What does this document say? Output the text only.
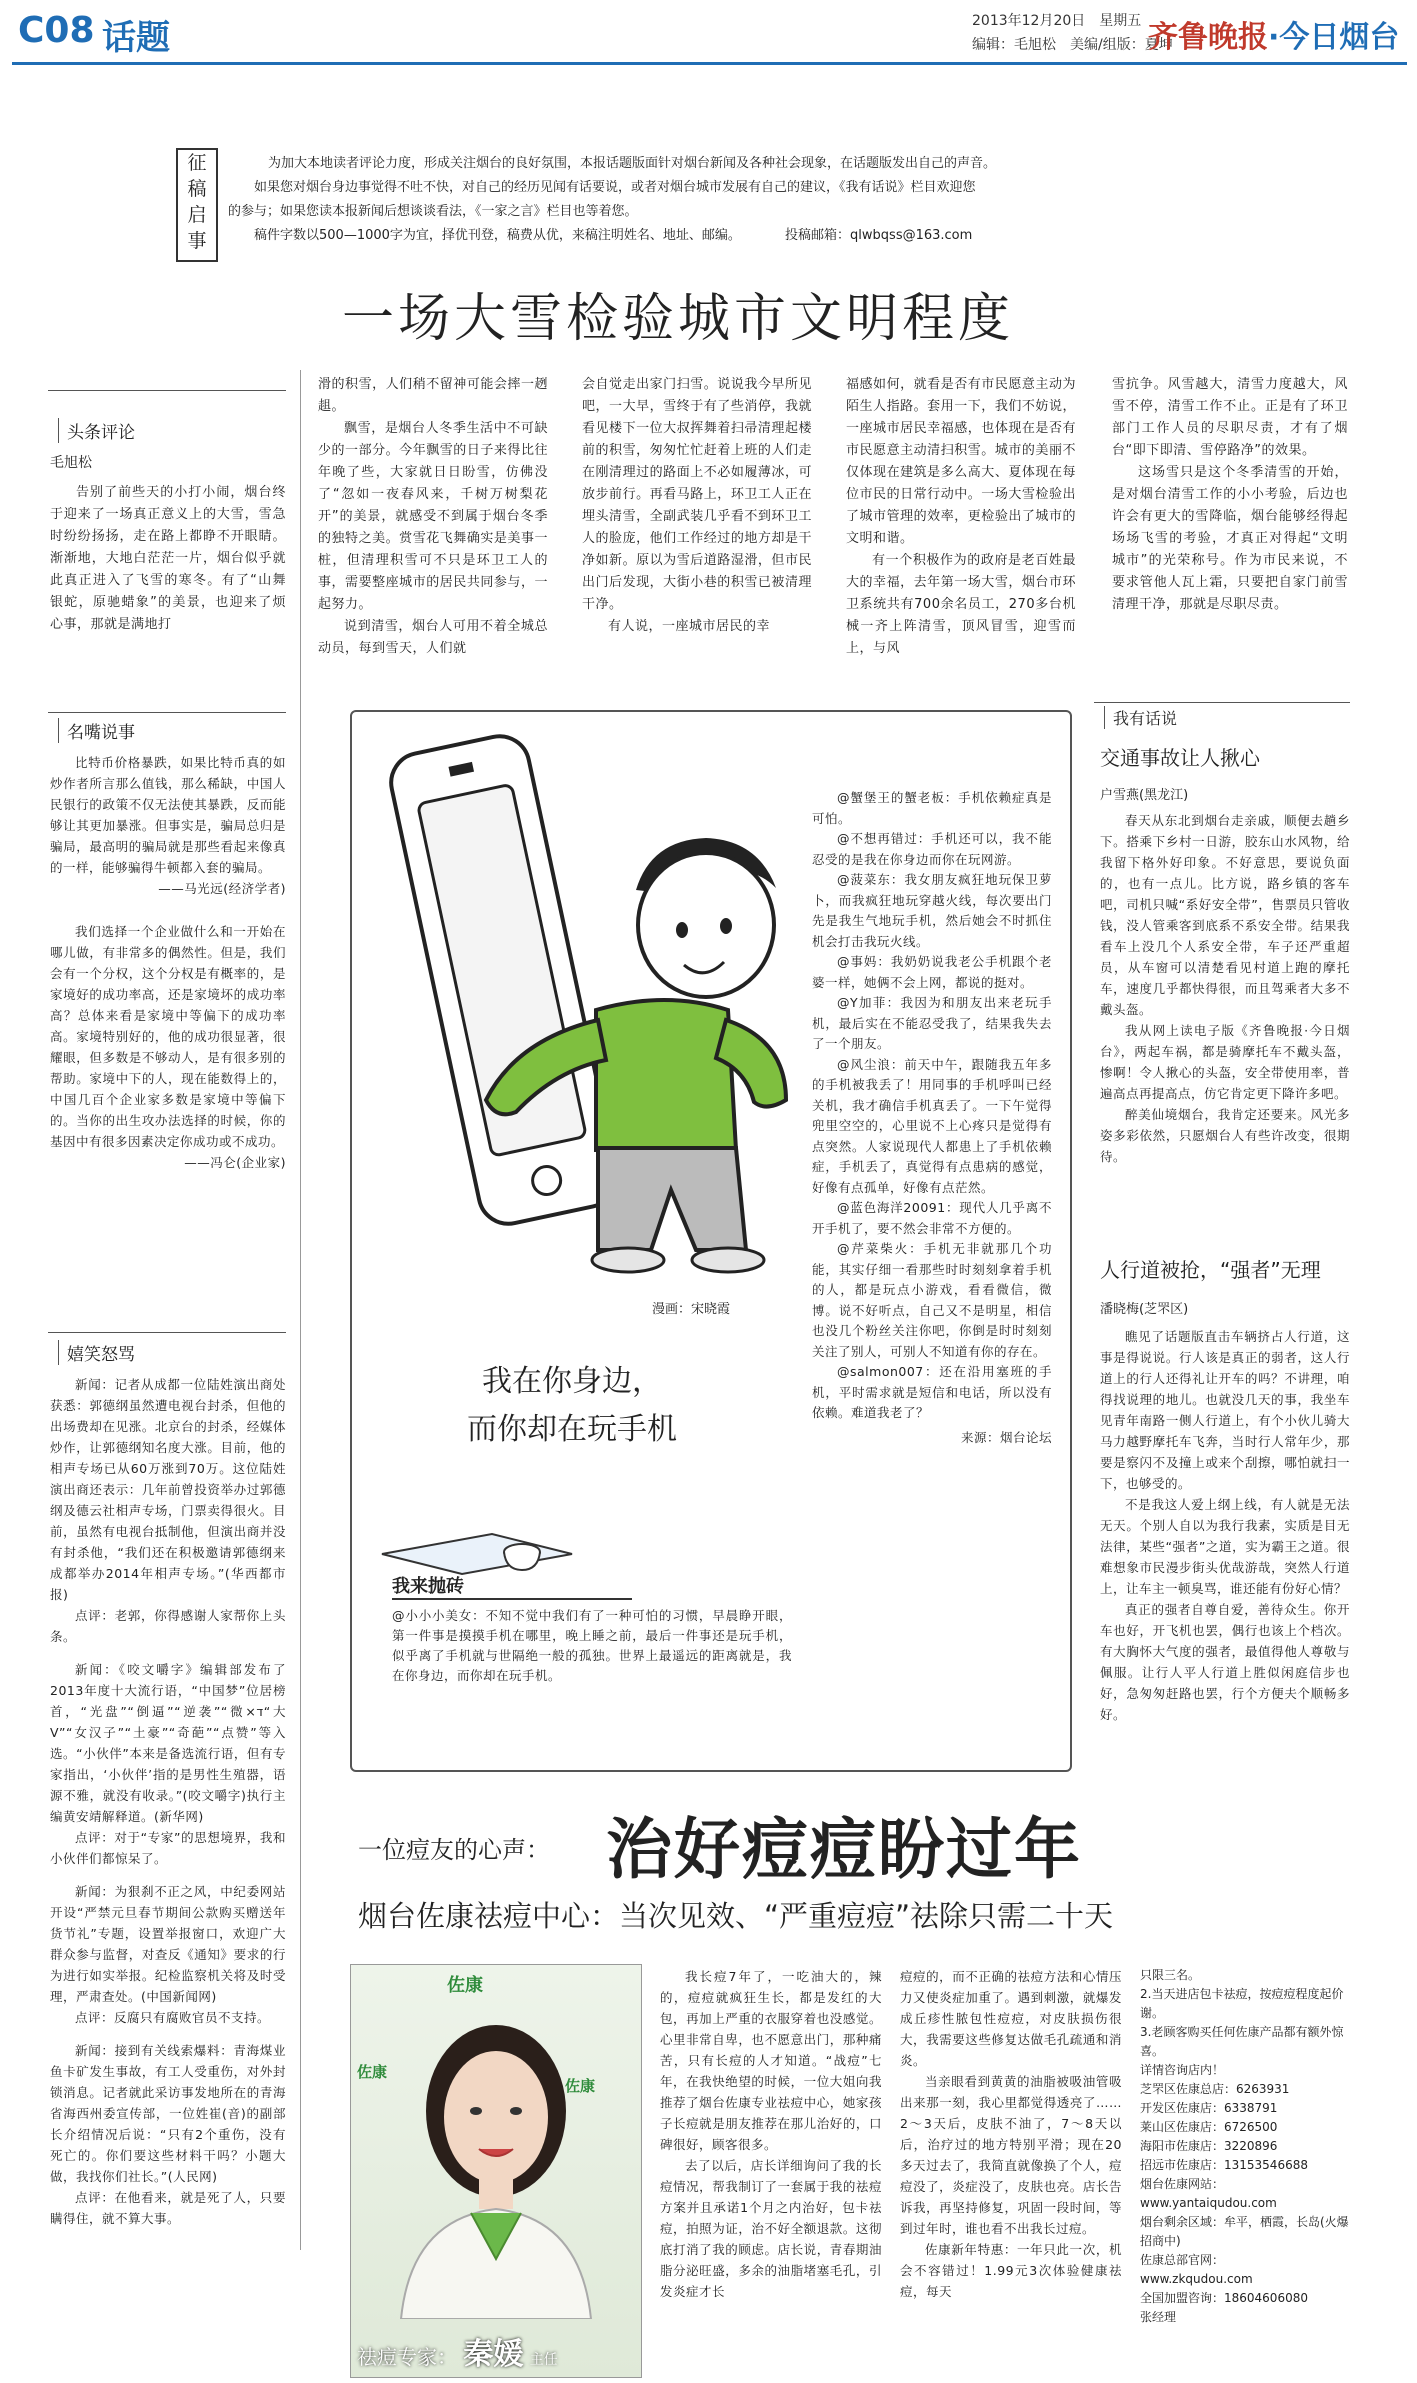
C08 话题	2013年12月20日　星期五
编辑：毛旭松　美编/组版：夏坤
齐鲁晚报·今日烟台
征
稿
启
事
为加大本地读者评论力度，形成关注烟台的良好氛围，本报话题版面针对烟台新闻及各种社会现象，在话题版发出自己的声音。
如果您对烟台身边事觉得不吐不快，对自己的经历见闻有话要说，或者对烟台城市发展有自己的建议，《我有话说》栏目欢迎您
的参与；如果您读本报新闻后想谈谈看法，《一家之言》栏目也等着您。
稿件字数以500—1000字为宜，择优刊登，稿费从优，来稿注明姓名、地址、邮编。	投稿邮箱：qlwbqss@163.com
一场大雪检验城市文明程度
头条评论
毛旭松

告别了前些天的小打小闹，烟台终于迎来了一场真正意义上的大雪，雪急时纷纷扬扬，走在路上都睁不开眼睛。渐渐地，大地白茫茫一片，烟台似乎就此真正进入了飞雪的寒冬。有了“山舞银蛇，原驰蜡象”的美景，也迎来了烦心事，那就是满地打

滑的积雪，人们稍不留神可能会摔一趔趄。

飘雪，是烟台人冬季生活中不可缺少的一部分。今年飘雪的日子来得比往年晚了些，大家就日日盼雪，仿佛没了“忽如一夜春风来，千树万树梨花开”的美景，就感受不到属于烟台冬季的独特之美。赏雪花飞舞确实是美事一桩，但清理积雪可不只是环卫工人的事，需要整座城市的居民共同参与，一起努力。

说到清雪，烟台人可用不着全城总动员，每到雪天，人们就

会自觉走出家门扫雪。说说我今早所见吧，一大早，雪终于有了些消停，我就看见楼下一位大叔挥舞着扫帚清理起楼前的积雪，匆匆忙忙赶着上班的人们走在刚清理过的路面上不必如履薄冰，可放步前行。再看马路上，环卫工人正在埋头清雪，全副武装几乎看不到环卫工人的脸庞，他们工作经过的地方却是干净如新。原以为雪后道路湿滑，但市民出门后发现，大街小巷的积雪已被清理干净。

有人说，一座城市居民的幸

福感如何，就看是否有市民愿意主动为陌生人指路。套用一下，我们不妨说，一座城市居民幸福感，也体现在是否有市民愿意主动清扫积雪。城市的美丽不仅体现在建筑是多么高大、夏体现在每位市民的日常行动中。一场大雪检验出了城市管理的效率，更检验出了城市的文明和谐。

有一个积极作为的政府是老百姓最大的幸福，去年第一场大雪，烟台市环卫系统共有700余名员工，270多台机械一齐上阵清雪，顶风冒雪，迎雪而上，与风

雪抗争。风雪越大，清雪力度越大，风雪不停，清雪工作不止。正是有了环卫部门工作人员的尽职尽责，才有了烟台“即下即清、雪停路净”的效果。

这场雪只是这个冬季清雪的开始，是对烟台清雪工作的小小考验，后边也许会有更大的雪降临，烟台能够经得起场场飞雪的考验，才真正对得起“文明城市”的光荣称号。作为市民来说，不要求管他人瓦上霜，只要把自家门前雪清理干净，那就是尽职尽责。

名嘴说事

比特币价格暴跌，如果比特币真的如炒作者所言那么值钱，那么稀缺，中国人民银行的政策不仅无法使其暴跌，反而能够让其更加暴涨。但事实是，骗局总归是骗局，最高明的骗局就是那些看起来像真的一样，能够骗得牛顿都入套的骗局。

——马光远(经济学者)

我们选择一个企业做什么和一开始在哪儿做，有非常多的偶然性。但是，我们会有一个分权，这个分权是有概率的，是家境好的成功率高，还是家境坏的成功率高？总体来看是家境中等偏下的成功率高。家境特别好的，他的成功很显著，很耀眼，但多数是不够动人，是有很多别的帮助。家境中下的人，现在能数得上的，中国几百个企业家多数是家境中等偏下的。当你的出生攻办法选择的时候，你的基因中有很多因素决定你成功或不成功。

——冯仑(企业家)
嬉笑怒骂

新闻：记者从成都一位陆姓演出商处获悉：郭德纲虽然遭电视台封杀，但他的出场费却在见涨。北京台的封杀，经媒体炒作，让郭德纲知名度大涨。目前，他的相声专场已从60万涨到70万。这位陆姓演出商还表示：几年前曾投资举办过郭德纲及德云社相声专场，门票卖得很火。目前，虽然有电视台抵制他，但演出商并没有封杀他，“我们还在积极邀请郭德纲来成都举办2014年相声专场。”(华西都市报)

点评：老郭，你得感谢人家帮你上头条。

新闻：《咬文嚼字》编辑部发布了2013年度十大流行语，“中国梦”位居榜首，“光盘”“倒逼”“逆袭”“微×ד“大V”“女汉子”“土豪”“奇葩”“点赞”等入选。“小伙伴”本来是备选流行语，但有专家指出，‘小伙伴’指的是男性生殖器，语源不雅，就没有收录。”(咬文嚼字)执行主编黄安靖解释道。(新华网)

点评：对于“专家”的思想境界，我和小伙伴们都惊呆了。

新闻：为狠刹不正之风，中纪委网站开设“严禁元旦春节期间公款购买赠送年货节礼”专题，设置举报窗口，欢迎广大群众参与监督，对查反《通知》要求的行为进行如实举报。纪检监察机关将及时受理，严肃查处。(中国新闻网)

点评：反腐只有腐败官员不支持。

新闻：接到有关线索爆料：青海煤业鱼卡矿发生事故，有工人受重伤，对外封锁消息。记者就此采访事发地所在的青海省海西州委宣传部，一位姓崔(音)的副部长介绍情况后说：“只有2个重伤，没有死亡的。你们要这些材料干吗？小题大做，我找你们社长。”(人民网)

点评：在他看来，就是死了人，只要瞒得住，就不算大事。

漫画：宋晓霞
我在你身边，
而你却在玩手机
我来抛砖
@小小小美女：不知不觉中我们有了一种可怕的习惯，早晨睁开眼，第一件事是摸摸手机在哪里，晚上睡之前，最后一件事还是玩手机，似乎离了手机就与世隔绝一般的孤独。世界上最遥远的距离就是，我在你身边，而你却在玩手机。

@蟹堡王的蟹老板：手机依赖症真是可怕。

@不想再错过：手机还可以，我不能忍受的是我在你身边而你在玩网游。

@菠菜东：我女朋友疯狂地玩保卫萝卜，而我疯狂地玩穿越火线，每次要出门先是我生气地玩手机，然后她会不时抓住机会打击我玩火线。

@事妈：我奶奶说我老公手机跟个老婆一样，她俩不会上网，都说的挺对。

@Y加菲：我因为和朋友出来老玩手机，最后实在不能忍受我了，结果我失去了一个朋友。

@风尘浪：前天中午，跟随我五年多的手机被我丢了！用同事的手机呼叫已经关机，我才确信手机真丢了。一下午觉得兜里空空的，心里说不上心疼只是觉得有点突然。人家说现代人都患上了手机依赖症，手机丢了，真觉得有点患病的感觉，好像有点孤单，好像有点茫然。

@蓝色海洋20091：现代人几乎离不开手机了，要不然会非常不方便的。

@芹菜柴火：手机无非就那几个功能，其实仔细一看那些时时刻刻拿着手机的人，都是玩点小游戏，看看微信，微博。说不好听点，自己又不是明星，相信也没几个粉丝关注你吧，你倒是时时刻刻关注了别人，可别人不知道有你的存在。

@salmon007：还在沿用塞班的手机，平时需求就是短信和电话，所以没有依赖。难道我老了？

来源：烟台论坛
我有话说
交通事故让人揪心
户雪燕(黑龙江)

春天从东北到烟台走亲戚，顺便去趟乡下。搭乘下乡村一日游，胶东山水风物，给我留下格外好印象。不好意思，要说负面的，也有一点儿。比方说，路乡镇的客车吧，司机只喊“系好安全带”，售票员只管收钱，没人管乘客到底系不系安全带。结果我看车上没几个人系安全带，车子还严重超员，从车窗可以清楚看见村道上跑的摩托车，速度几乎都快得很，而且驾乘者大多不戴头盔。

我从网上读电子版《齐鲁晚报·今日烟台》，两起车祸，都是骑摩托车不戴头盔，惨啊！令人揪心的头盔，安全带使用率，普遍高点再提高点，仿它肯定更下降许多吧。

醉美仙境烟台，我肯定还要来。风光多姿多彩依然，只愿烟台人有些许改变，很期待。

人行道被抢，“强者”无理
潘晓梅(芝罘区)

瞧见了话题版直击车辆挤占人行道，这事是得说说。行人该是真正的弱者，这人行道上的行人还得礼让开车的吗？不讲理，咱得找说理的地儿。也就没几天的事，我坐车见青年南路一侧人行道上，有个小伙儿骑大马力越野摩托车飞奔，当时行人常年少，那要是察闪不及撞上或来个刮擦，哪怕就扫一下，也够受的。

不是我这人爱上纲上线，有人就是无法无天。个别人自以为我行我素，实质是目无法律，某些“强者”之道，实为霸王之道。很难想象市民漫步街头优哉游哉，突然人行道上，让车主一顿臭骂，谁还能有份好心情？

真正的强者自尊自爱，善待众生。你开车也好，开飞机也罢，偶行也该上个档次。有大胸怀大气度的强者，最值得他人尊敬与佩服。让行人平人行道上胜似闲庭信步也好，急匆匆赶路也罢，行个方便夫个顺畅多好。

一位痘友的心声： 治好痘痘盼过年
烟台佐康祛痘中心：当次见效、“严重痘痘”祛除只需二十天
佐康
佐康
佐康
祛痘专家： 秦媛 主任

我长痘7年了，一吃油大的，辣的，痘痘就疯狂生长，都是发红的大包，再加上严重的衣服穿着也没感觉。心里非常自卑，也不愿意出门，那种痛苦，只有长痘的人才知道。“战痘”七年，在我快绝望的时候，一位大姐向我推荐了烟台佐康专业祛痘中心，她家孩子长痘就是朋友推荐在那儿治好的，口碑很好，顾客很多。

去了以后，店长详细询问了我的长痘情况，帮我制订了一套属于我的祛痘方案并且承诺1个月之内治好，包卡祛痘，拍照为证，治不好全额退款。这彻底打消了我的顾虑。店长说，青春期油脂分泌旺盛，多余的油脂堵塞毛孔，引发炎症才长

痘痘的，而不正确的祛痘方法和心情压力又使炎症加重了。遇到刺激，就爆发成丘疹性脓包性痘痘，对皮肤损伤很大，我需要这些修复达做毛孔疏通和消炎。

当亲眼看到黄黄的油脂被吸油管吸出来那一刻，我心里都觉得透亮了……2～3天后，皮肤不油了，7～8天以后，治疗过的地方特别平滑；现在20多天过去了，我简直就像换了个人，痘痘没了，炎症没了，皮肤也亮。店长告诉我，再坚持修复，巩固一段时间，等到过年时，谁也看不出我长过痘。

佐康新年特惠：一年只此一次，机会不容错过！1.99元3次体验健康祛痘，每天

只限三名。
2.当天进店包卡祛痘，按痘痘程度起价谢。
3.老顾客购买任何佐康产品都有额外惊喜。
详情咨询店内！
芝罘区佐康总店：6263931
开发区佐康店：6338791
莱山区佐康店：6726500
海阳市佐康店：3220896
招远市佐康店：13153546688
烟台佐康网站：
www.yantaiqudou.com
烟台剩余区域：牟平，栖霞，长岛(火爆招商中)
佐康总部官网：
www.zkqudou.com
全国加盟咨询：18604606080
张经理
